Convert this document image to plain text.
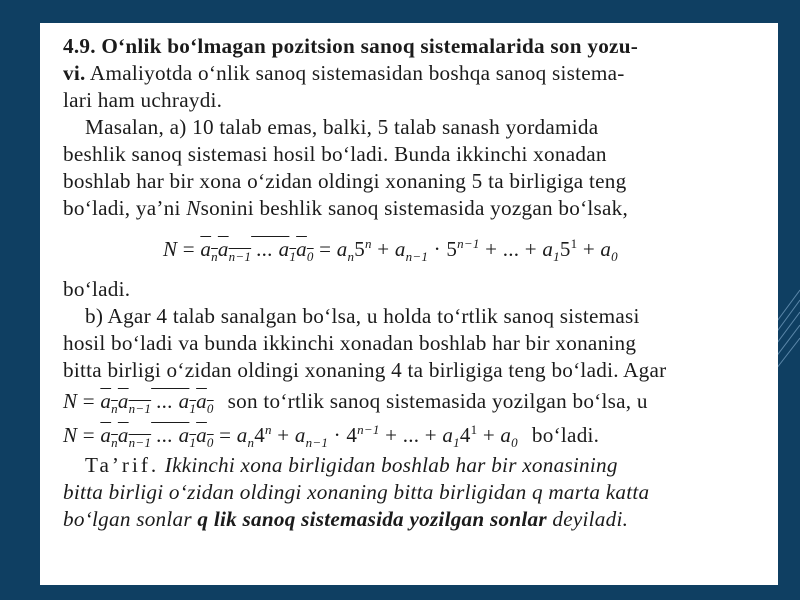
4.9. O‘nlik bo‘lmagan pozitsion sanoq sistemalarida son yozu-
vi. Amaliyotda o‘nlik sanoq sistemasidan boshqa sanoq sistema-
lari ham uchraydi.
Masalan, a) 10 talab emas, balki, 5 talab sanash yordamida
beshlik sanoq sistemasi hosil bo‘ladi. Bunda ikkinchi xonadan
boshlab har bir xona o‘zidan oldingi xonaning 5 ta birligiga teng
bo‘ladi, ya’ni Nsonini beshlik sanoq sistemasida yozgan bo‘lsak,
$N = a_na_{n-1}$ ... $a_1a_0 = a_n5^n + a_{n-1} \cdot 5^{n-1}$ + ... + $a_15^1 + a_0$
bo‘ladi.
b) Agar 4 talab sanalgan bo‘lsa, u holda to‘rtlik sanoq sistemasi
hosil bo‘ladi va bunda ikkinchi xonadan boshlab har bir xonaning
bitta birligi o‘zidan oldingi xonaning 4 ta birligiga teng bo‘ladi. Agar
$N = a_na_{n-1}$ ... $a_1a_0$ son to‘rtlik sanoq sistemasida yozilgan bo‘lsa, u
$N = a_na_{n-1}$ ... $a_1a_0 = a_n4^n + a_{n-1} \cdot 4^{n-1}$ + ... + $a_14^1 + a_0$ bo‘ladi.
Ta’rif. Ikkinchi xona birligidan boshlab har bir xonasining
bitta birligi o‘zidan oldingi xonaning bitta birligidan q marta katta
bo‘lgan sonlar q lik sanoq sistemasida yozilgan sonlar deyiladi.
